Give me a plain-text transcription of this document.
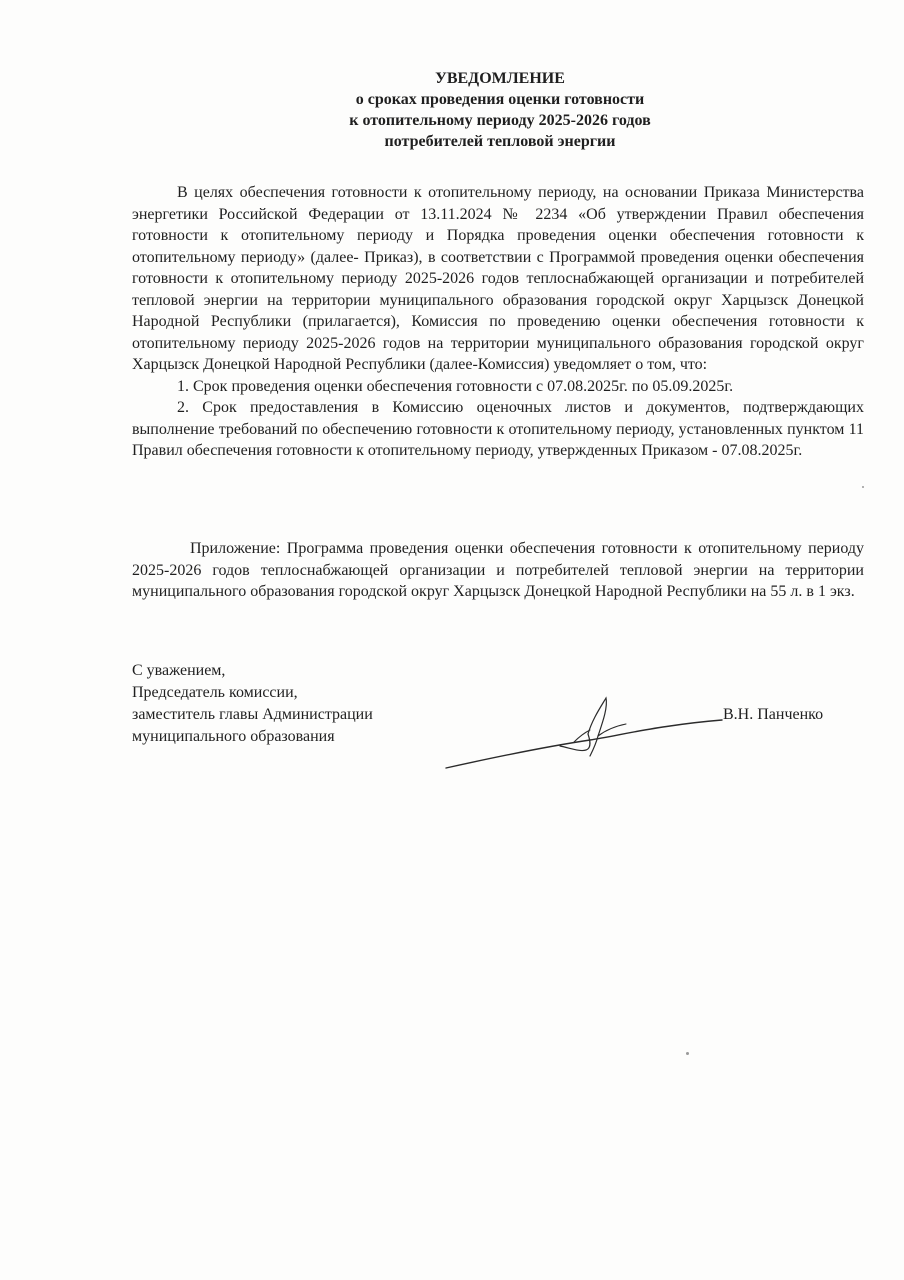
УВЕДОМЛЕНИЕ
о сроках проведения оценки готовности
к отопительному периоду 2025-2026 годов
потребителей тепловой энергии

В целях обеспечения готовности к отопительному периоду, на основании Приказа Министерства энергетики Российской Федерации от 13.11.2024 № 2234 «Об утверждении Правил обеспечения готовности к отопительному периоду и Порядка проведения оценки обеспечения готовности к отопительному периоду» (далее- Приказ), в соответствии с Программой проведения оценки обеспечения готовности к отопительному периоду 2025-2026 годов теплоснабжающей организации и потребителей тепловой энергии на территории муниципального образования городской округ Харцызск Донецкой Народной Республики (прилагается), Комиссия по проведению оценки обеспечения готовности к отопительному периоду 2025-2026 годов на территории муниципального образования городской округ Харцызск Донецкой Народной Республики (далее-Комиссия) уведомляет о том, что:

1. Срок проведения оценки обеспечения готовности с 07.08.2025г. по 05.09.2025г.

2. Срок предоставления в Комиссию оценочных листов и документов, подтверждающих выполнение требований по обеспечению готовности к отопительному периоду, установленных пунктом 11 Правил обеспечения готовности к отопительному периоду, утвержденных Приказом - 07.08.2025г.

Приложение: Программа проведения оценки обеспечения готовности к отопительному периоду 2025-2026 годов теплоснабжающей организации и потребителей тепловой энергии на территории муниципального образования городской округ Харцызск Донецкой Народной Республики на 55 л. в 1 экз.

С уважением,
Председатель комиссии,
заместитель главы Администрации
муниципального образования
В.Н. Панченко
